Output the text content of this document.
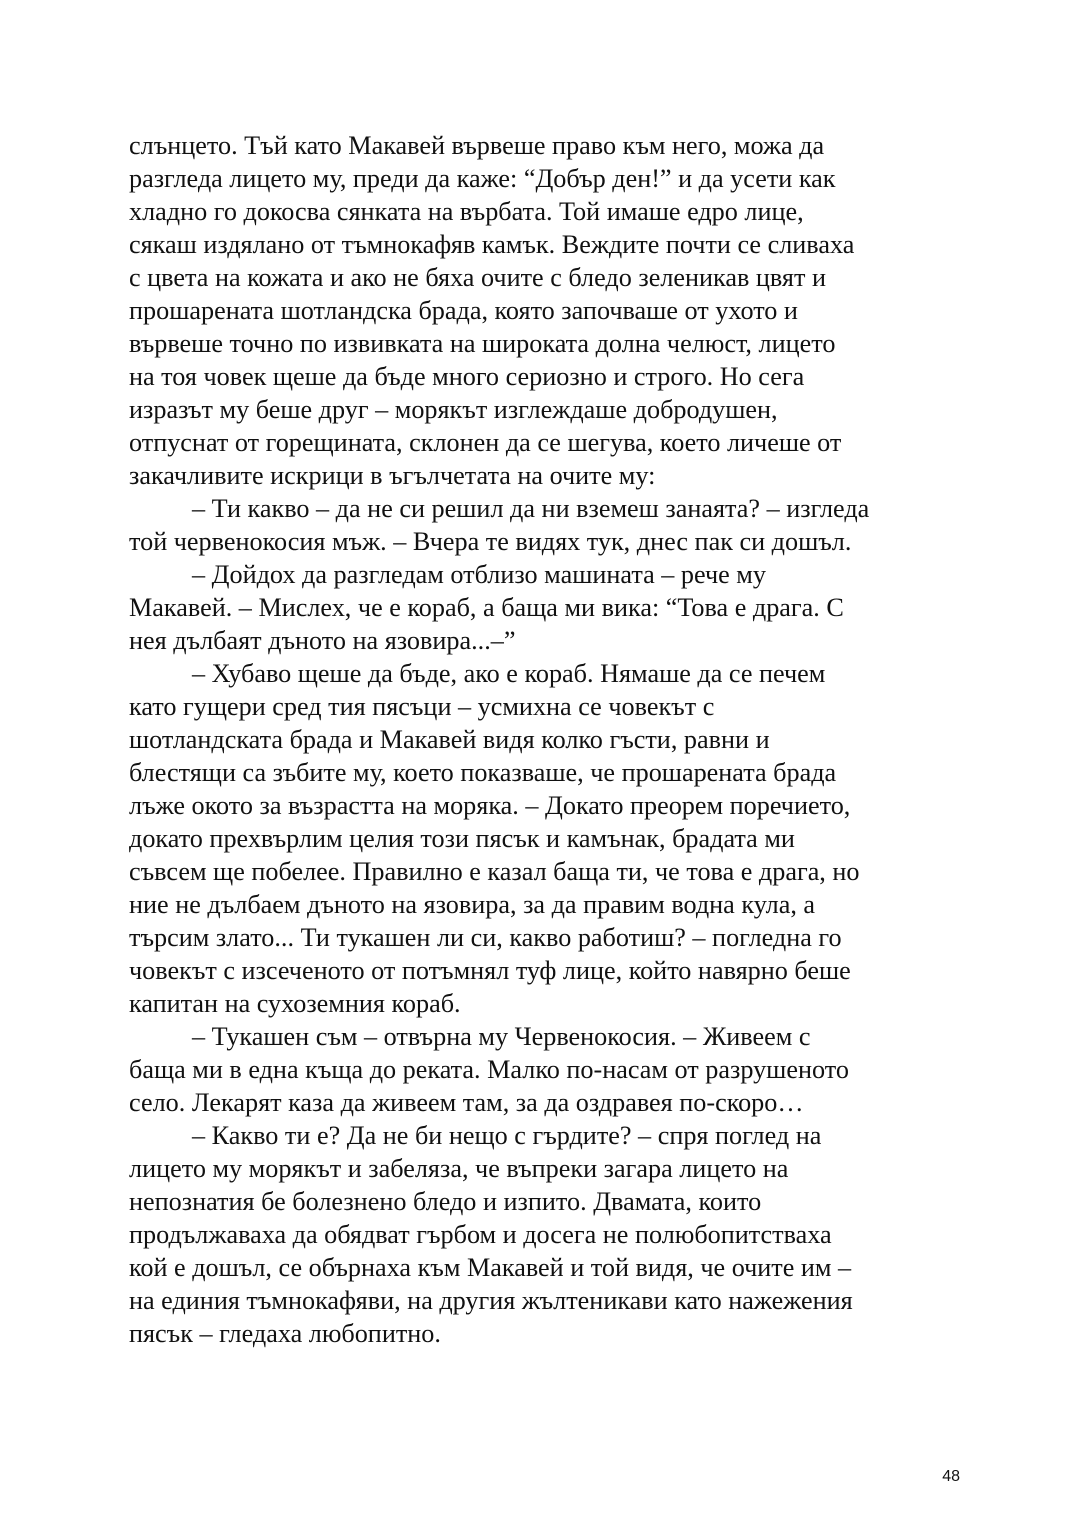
слънцето. Тъй като Макавей вървеше право към него, можа да
разгледа лицето му, преди да каже: “Добър ден!” и да усети как
хладно го докосва сянката на върбата. Той имаше едро лице,
сякаш издялано от тъмнокафяв камък. Веждите почти се сливаха
с цвета на кожата и ако не бяха очите с бледо зеленикав цвят и
прошарената шотландска брада, която започваше от ухото и
вървеше точно по извивката на широката долна челюст, лицето
на тоя човек щеше да бъде много сериозно и строго. Но сега
изразът му беше друг – морякът изглеждаше добродушен,
отпуснат от горещината, склонен да се шегува, което личеше от
закачливите искрици в ъгълчетата на очите му:
– Ти какво – да не си решил да ни вземеш занаята? – изгледа
той червенокосия мъж. – Вчера те видях тук, днес пак си дошъл.
– Дойдох да разгледам отблизо машината – рече му
Макавей. – Мислех, че е кораб, а баща ми вика: “Това е драга. С
нея дълбаят дъното на язовира...–”
– Хубаво щеше да бъде, ако е кораб. Нямаше да се печем
като гущери сред тия пясъци – усмихна се човекът с
шотландската брада и Макавей видя колко гъсти, равни и
блестящи са зъбите му, което показваше, че прошарената брада
лъже окото за възрастта на моряка. – Докато преорем поречието,
докато прехвърлим целия този пясък и камънак, брадата ми
съвсем ще побелее. Правилно е казал баща ти, че това е драга, но
ние не дълбаем дъното на язовира, за да правим водна кула, а
търсим злато... Ти тукашен ли си, какво работиш? – погледна го
човекът с изсеченото от потъмнял туф лице, който навярно беше
капитан на сухоземния кораб.
– Тукашен съм – отвърна му Червенокосия. – Живеем с
баща ми в една къща до реката. Малко по-насам от разрушеното
село. Лекарят каза да живеем там, за да оздравея по-скоро…
– Какво ти е? Да не би нещо с гърдите? – спря поглед на
лицето му морякът и забеляза, че въпреки загара лицето на
непознатия бе болезнено бледо и изпито. Двамата, които
продължаваха да обядват гърбом и досега не полюбопитстваха
кой е дошъл, се обърнаха към Макавей и той видя, че очите им –
на единия тъмнокафяви, на другия жълтеникави като нажежения
пясък – гледаха любопитно.
48
